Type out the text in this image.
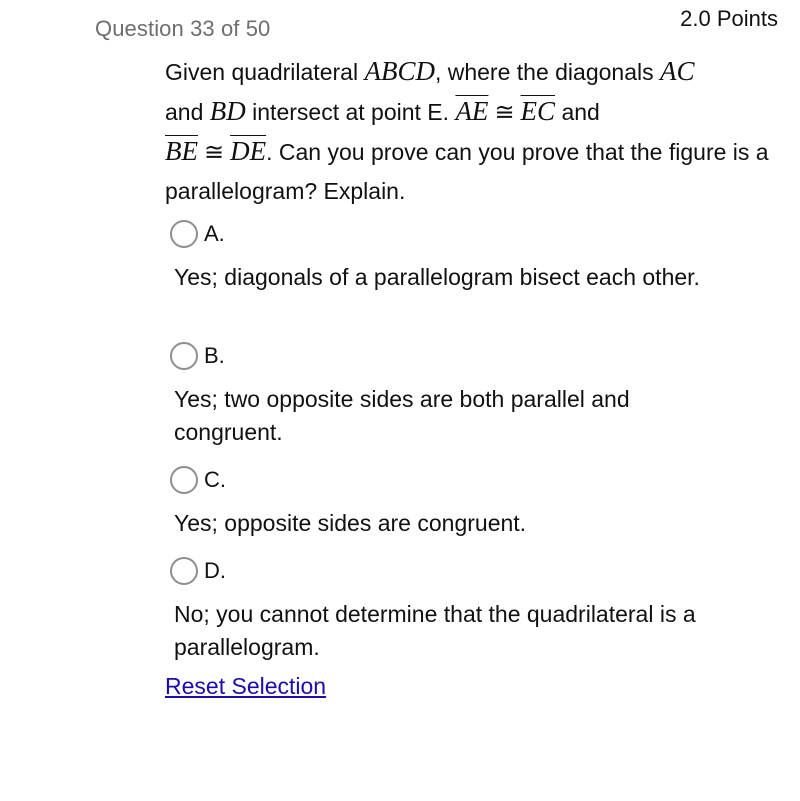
Question 33 of 50	2.0 Points
Given quadrilateral ABCD, where the diagonals AC
and BD intersect at point E. $\overline{AE}$ ≅ $\overline{EC}$ and
$\overline{BE}$ ≅ $\overline{DE}$. Can you prove can you prove that the figure is a parallelogram? Explain.
A.
Yes; diagonals of a parallelogram bisect each other.
B.
Yes; two opposite sides are both parallel and congruent.
C.
Yes; opposite sides are congruent.
D.
No; you cannot determine that the quadrilateral is a parallelogram.
Reset Selection
